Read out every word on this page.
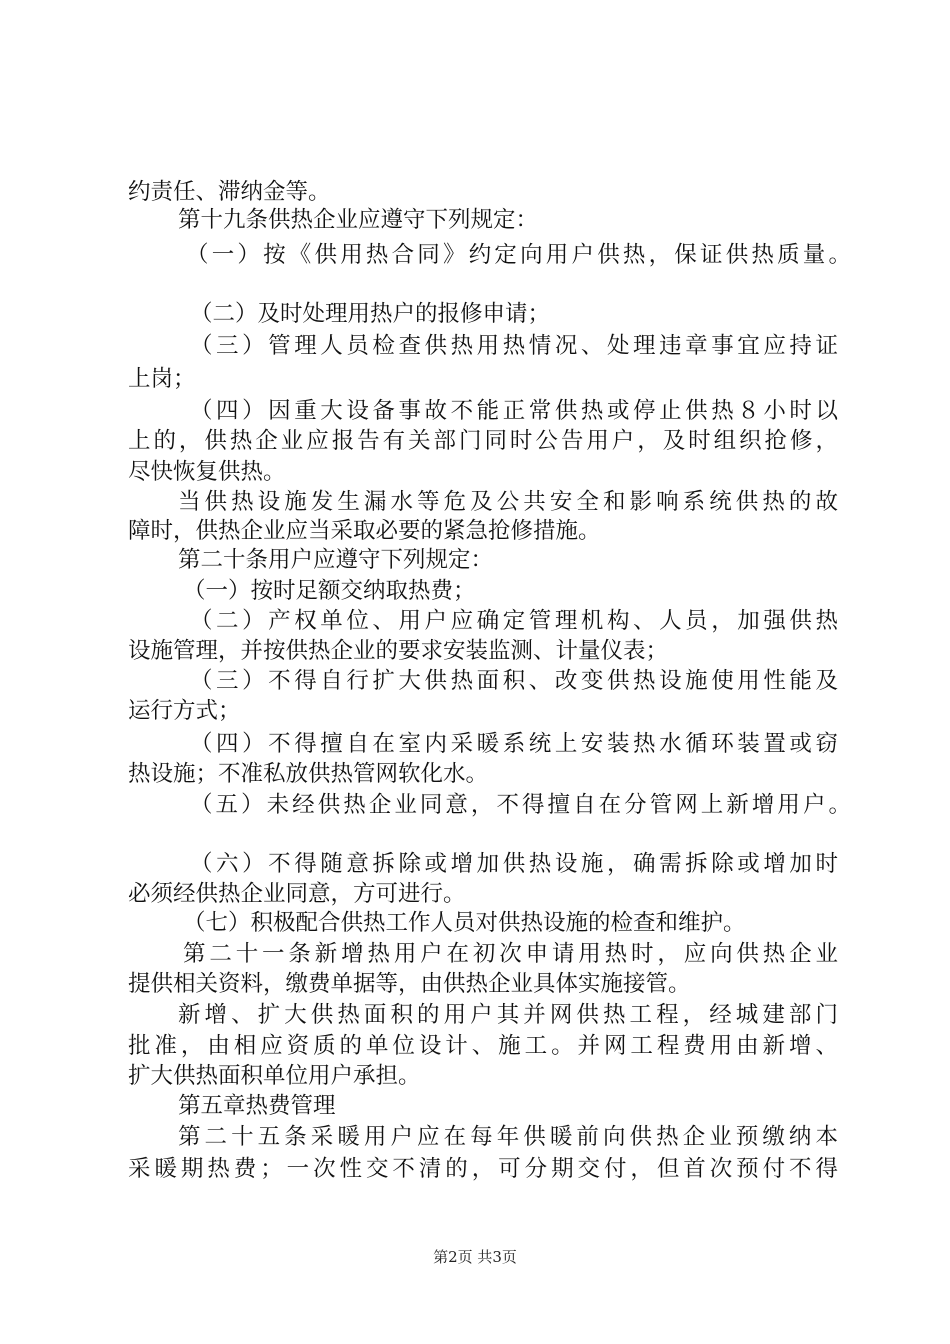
约责任、滞纳金等。
第十九条供热企业应遵守下列规定：
（一）按《供用热合同》约定向用户供热，保证供热质量。
（二）及时处理用热户的报修申请；
（三）管理人员检查供热用热情况、处理违章事宜应持证
上岗；
（四）因重大设备事故不能正常供热或停止供热８小时以
上的，供热企业应报告有关部门同时公告用户，及时组织抢修，
尽快恢复供热。
当供热设施发生漏水等危及公共安全和影响系统供热的故
障时，供热企业应当采取必要的紧急抢修措施。
第二十条用户应遵守下列规定：
（一）按时足额交纳取热费；
（二）产权单位、用户应确定管理机构、人员，加强供热
设施管理，并按供热企业的要求安装监测、计量仪表；
（三）不得自行扩大供热面积、改变供热设施使用性能及
运行方式；
（四）不得擅自在室内采暖系统上安装热水循环装置或窃
热设施；不准私放供热管网软化水。
（五）未经供热企业同意，不得擅自在分管网上新增用户。
（六）不得随意拆除或增加供热设施，确需拆除或增加时
必须经供热企业同意，方可进行。
（七）积极配合供热工作人员对供热设施的检查和维护。
第二十一条新增热用户在初次申请用热时，应向供热企业
提供相关资料，缴费单据等，由供热企业具体实施接管。
新增、扩大供热面积的用户其并网供热工程，经城建部门
批准，由相应资质的单位设计、施工。并网工程费用由新增、
扩大供热面积单位用户承担。
第五章热费管理
第二十五条采暖用户应在每年供暖前向供热企业预缴纳本
采暖期热费；一次性交不清的，可分期交付，但首次预付不得
第2页 共3页
